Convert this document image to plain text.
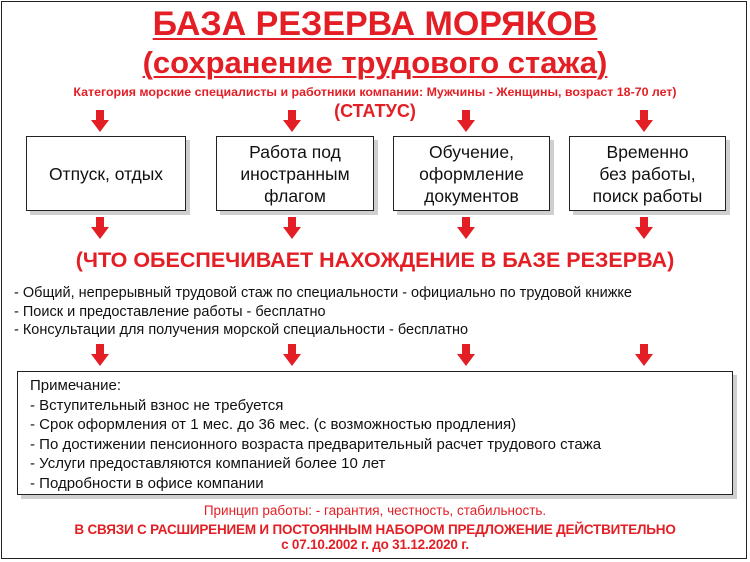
БАЗА РЕЗЕРВА МОРЯКОВ
(сохранение трудового стажа)
Категория морские специалисты и работники компании: Мужчины - Женщины, возраст 18-70 лет)
(СТАТУС)
Отпуск, отдых
Работа под
иностранным
флагом
Обучение,
оформление
документов
Временно
без работы,
поиск работы
(ЧТО ОБЕСПЕЧИВАЕТ НАХОЖДЕНИЕ В БАЗЕ РЕЗЕРВА)
- Общий, непрерывный трудовой стаж по специальности - официально по трудовой книжке
- Поиск и предоставление работы - бесплатно
- Консультации для получения морской специальности - бесплатно
Примечание:
- Вступительный взнос не требуется
- Срок оформления от 1 мес. до 36 мес. (с возможностью продления)
- По достижении пенсионного возраста предварительный расчет трудового стажа
- Услуги предоставляются компанией более 10 лет
- Подробности в офисе компании
Принцип работы: - гарантия, честность, стабильность.
В СВЯЗИ С РАСШИРЕНИЕМ И ПОСТОЯННЫМ НАБОРОМ ПРЕДЛОЖЕНИЕ ДЕЙСТВИТЕЛЬНО
с 07.10.2002 г. до 31.12.2020 г.
